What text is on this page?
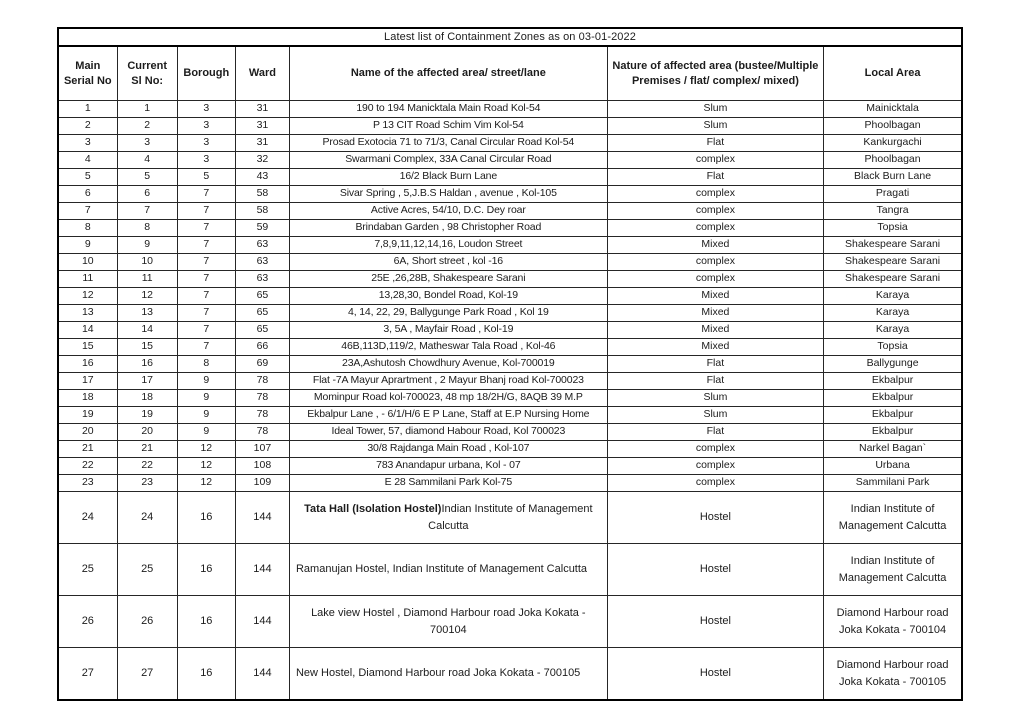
Latest list of Containment Zones as on 03-01-2022						
Main Serial No	Current Sl No:	Borough	Ward	Name of the affected area/ street/lane	Nature of affected area (bustee/Multiple Premises / flat/ complex/ mixed)	Local Area
1	1	3	31	190 to 194 Manicktala Main Road Kol-54	Slum	Mainicktala
2	2	3	31	P 13 CIT Road Schim Vim Kol-54	Slum	Phoolbagan
3	3	3	31	Prosad Exotocia 71 to 71/3, Canal Circular Road Kol-54	Flat	Kankurgachi
4	4	3	32	Swarmani Complex, 33A Canal Circular Road	complex	Phoolbagan
5	5	5	43	16/2 Black Burn Lane	Flat	Black Burn Lane
6	6	7	58	Sivar Spring , 5,J.B.S Haldan , avenue , Kol-105	complex	Pragati
7	7	7	58	Active Acres, 54/10, D.C. Dey roar	complex	Tangra
8	8	7	59	Brindaban Garden , 98 Christopher Road	complex	Topsia
9	9	7	63	7,8,9,11,12,14,16, Loudon Street	Mixed	Shakespeare Sarani
10	10	7	63	6A, Short street , kol -16	complex	Shakespeare Sarani
11	11	7	63	25E ,26,28B, Shakespeare Sarani	complex	Shakespeare Sarani
12	12	7	65	13,28,30, Bondel Road, Kol-19	Mixed	Karaya
13	13	7	65	4, 14, 22, 29, Ballygunge Park Road , Kol 19	Mixed	Karaya
14	14	7	65	3, 5A , Mayfair Road , Kol-19	Mixed	Karaya
15	15	7	66	46B,113D,119/2, Matheswar Tala Road , Kol-46	Mixed	Topsia
16	16	8	69	23A,Ashutosh Chowdhury Avenue, Kol-700019	Flat	Ballygunge
17	17	9	78	Flat -7A Mayur Aprartment , 2 Mayur Bhanj road Kol-700023	Flat	Ekbalpur
18	18	9	78	Mominpur Road kol-700023, 48 mp 18/2H/G, 8AQB 39 M.P	Slum	Ekbalpur
19	19	9	78	Ekbalpur Lane , - 6/1/H/6 E P Lane, Staff at E.P Nursing Home	Slum	Ekbalpur
20	20	9	78	Ideal Tower, 57, diamond Habour Road, Kol 700023	Flat	Ekbalpur
21	21	12	107	30/8 Rajdanga Main Road , Kol-107	complex	Narkel Bagan`
22	22	12	108	783 Anandapur urbana, Kol - 07	complex	Urbana
23	23	12	109	E 28 Sammilani Park Kol-75	complex	Sammilani Park
24	24	16	144	Tata Hall (Isolation Hostel)Indian Institute of Management Calcutta	Hostel	Indian Institute of Management Calcutta
25	25	16	144	Ramanujan Hostel, Indian Institute of Management Calcutta	Hostel	Indian Institute of Management Calcutta
26	26	16	144	Lake view Hostel , Diamond Harbour road Joka Kokata - 700104	Hostel	Diamond Harbour road Joka Kokata - 700104
27	27	16	144	New Hostel, Diamond Harbour road Joka Kokata - 700105	Hostel	Diamond Harbour road Joka Kokata - 700105
